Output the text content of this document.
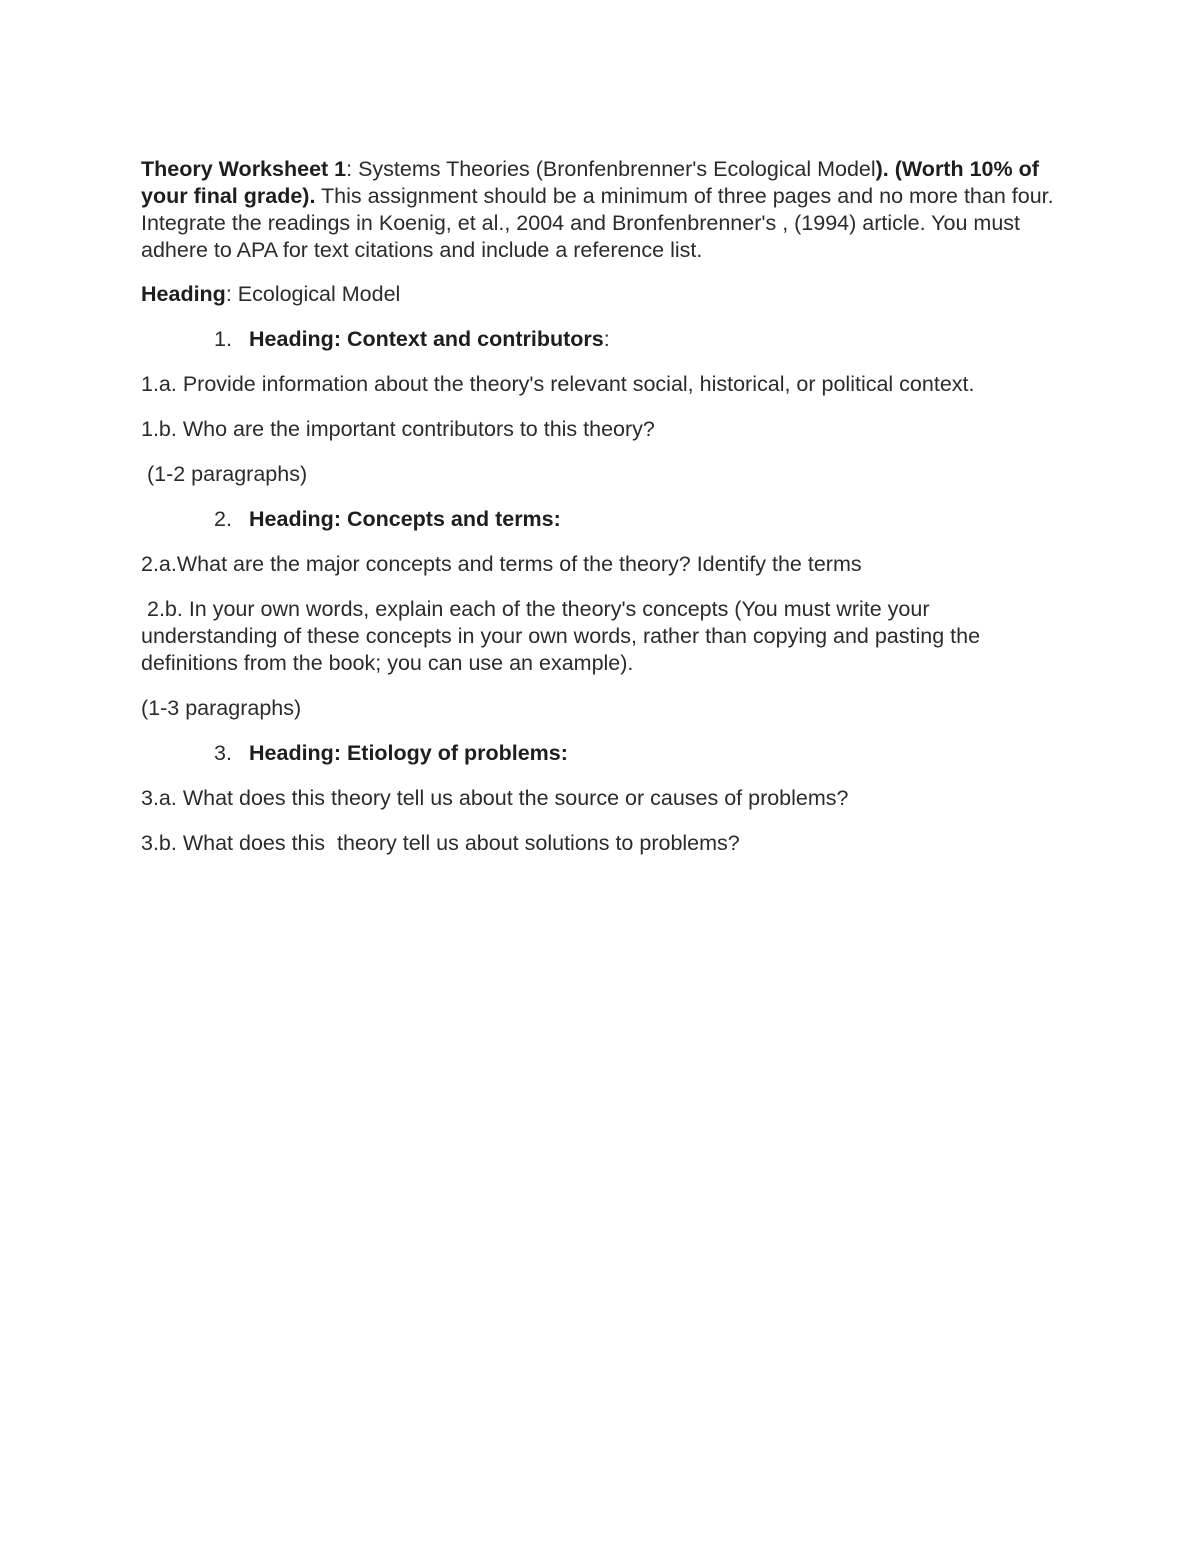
Theory Worksheet 1: Systems Theories (Bronfenbrenner's Ecological Model). (Worth 10% of your final grade). This assignment should be a minimum of three pages and no more than four. Integrate the readings in Koenig, et al., 2004 and Bronfenbrenner's , (1994) article. You must adhere to APA for text citations and include a reference list.

Heading: Ecological Model

1. Heading: Context and contributors:

1.a. Provide information about the theory's relevant social, historical, or political context.

1.b. Who are the important contributors to this theory?

(1-2 paragraphs)

2. Heading: Concepts and terms:

2.a.What are the major concepts and terms of the theory? Identify the terms

2.b. In your own words, explain each of the theory's concepts (You must write your understanding of these concepts in your own words, rather than copying and pasting the definitions from the book; you can use an example).

(1-3 paragraphs)

3. Heading: Etiology of problems:

3.a. What does this theory tell us about the source or causes of problems?

3.b. What does this  theory tell us about solutions to problems?
